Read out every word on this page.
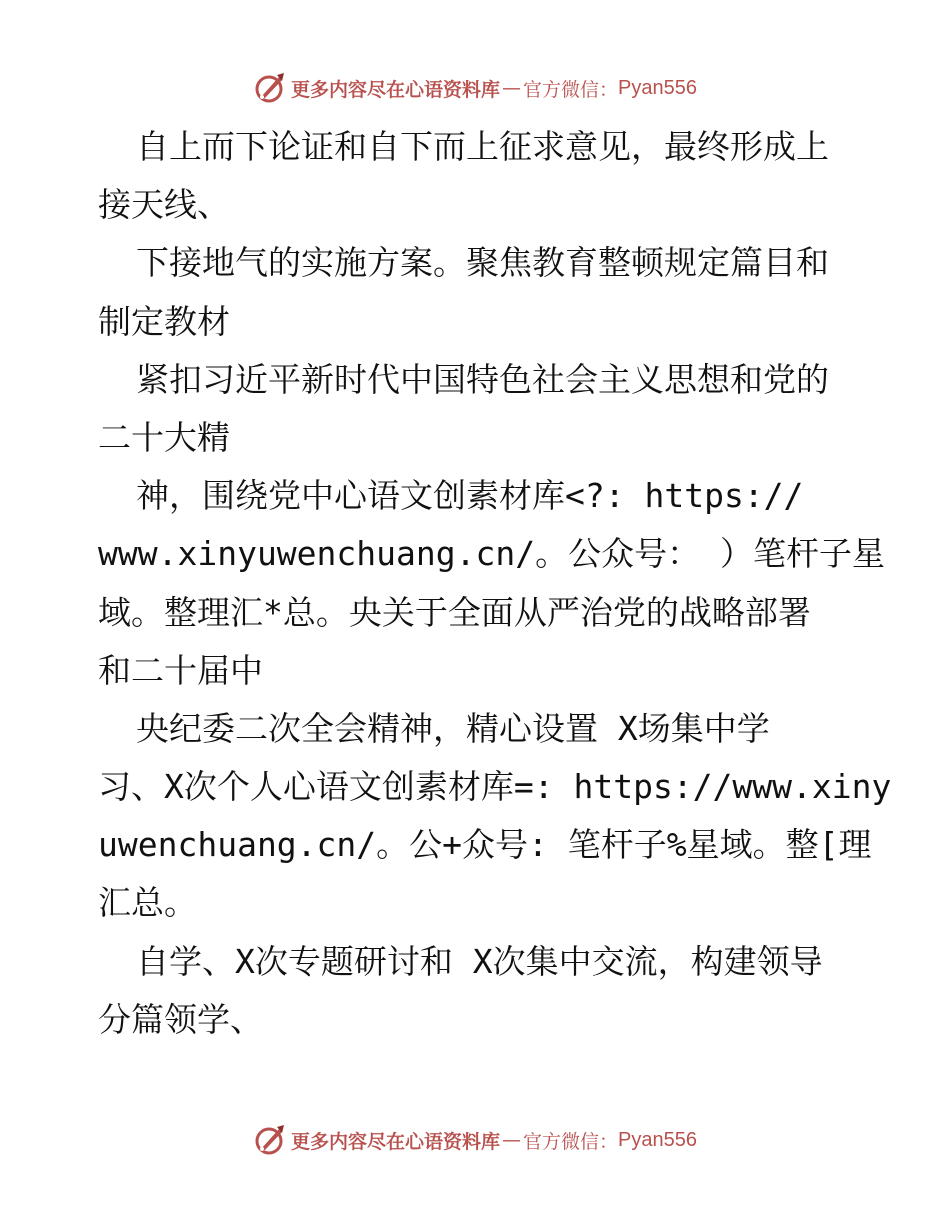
更多内容尽在心语资料库 — 官方微信： Pyan556
自上而下论证和自下而上征求意见，最终形成上
接天线、
下接地气的实施方案。聚焦教育整顿规定篇目和
制定教材
紧扣习近平新时代中国特色社会主义思想和党的
二十大精
神，围绕党中心语文创素材库<?: https://
www.xinyuwenchuang.cn/。公众号： ）笔杆子星
域。整理汇*总。央关于全面从严治党的战略部署
和二十届中
央纪委二次全会精神，精心设置 X场集中学
习、X次个人心语文创素材库=: https://www.xiny
uwenchuang.cn/。公+众号: 笔杆子%星域。整[理
汇总。
自学、X次专题研讨和 X次集中交流，构建领导
分篇领学、
更多内容尽在心语资料库 — 官方微信： Pyan556
